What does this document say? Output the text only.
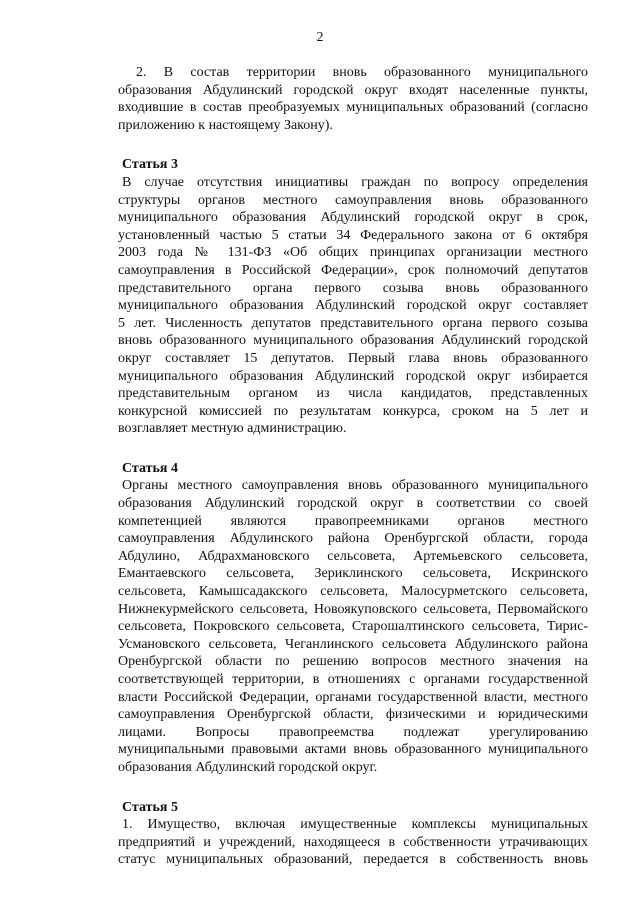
2
2. В состав территории вновь образованного муниципального
образования Абдулинский городской округ входят населенные пункты,
входившие в состав преобразуемых муниципальных образований (согласно
приложению к настоящему Закону).
Статья 3
В случае отсутствия инициативы граждан по вопросу определения
структуры органов местного самоуправления вновь образованного
муниципального образования Абдулинский городской округ в срок,
установленный частью 5 статьи 34 Федерального закона от 6 октября
2003 года № 131-ФЗ «Об общих принципах организации местного
самоуправления в Российской Федерации», срок полномочий депутатов
представительного органа первого созыва вновь образованного
муниципального образования Абдулинский городской округ составляет
5 лет. Численность депутатов представительного органа первого созыва
вновь образованного муниципального образования Абдулинский городской
округ составляет 15 депутатов. Первый глава вновь образованного
муниципального образования Абдулинский городской округ избирается
представительным органом из числа кандидатов, представленных
конкурсной комиссией по результатам конкурса, сроком на 5 лет и
возглавляет местную администрацию.
Статья 4
Органы местного самоуправления вновь образованного муниципального
образования Абдулинский городской округ в соответствии со своей
компетенцией являются правопреемниками органов местного
самоуправления Абдулинского района Оренбургской области, города
Абдулино, Абдрахмановского сельсовета, Артемьевского сельсовета,
Емантаевского сельсовета, Зериклинского сельсовета, Искринского
сельсовета, Камышсадакского сельсовета, Малосурметского сельсовета,
Нижнекурмейского сельсовета, Новоякуповского сельсовета, Первомайского
сельсовета, Покровского сельсовета, Старошалтинского сельсовета, Тирис-
Усмановского сельсовета, Чеганлинского сельсовета Абдулинского района
Оренбургской области по решению вопросов местного значения на
соответствующей территории, в отношениях с органами государственной
власти Российской Федерации, органами государственной власти, местного
самоуправления Оренбургской области, физическими и юридическими
лицами. Вопросы правопреемства подлежат урегулированию
муниципальными правовыми актами вновь образованного муниципального
образования Абдулинский городской округ.
Статья 5
1. Имущество, включая имущественные комплексы муниципальных
предприятий и учреждений, находящееся в собственности утрачивающих
статус муниципальных образований, передается в собственность вновь
